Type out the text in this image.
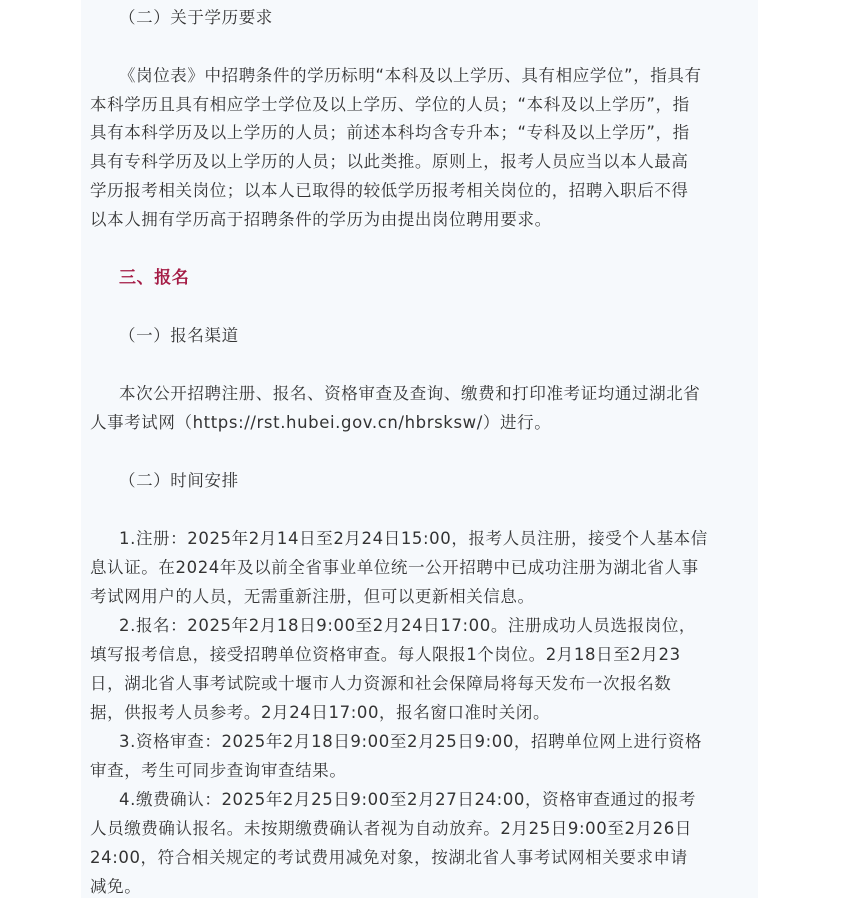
（二）关于学历要求
《岗位表》中招聘条件的学历标明“本科及以上学历、具有相应学位”，指具有
本科学历且具有相应学士学位及以上学历、学位的人员；“本科及以上学历”，指
具有本科学历及以上学历的人员；前述本科均含专升本；“专科及以上学历”，指
具有专科学历及以上学历的人员；以此类推。原则上，报考人员应当以本人最高
学历报考相关岗位；以本人已取得的较低学历报考相关岗位的，招聘入职后不得
以本人拥有学历高于招聘条件的学历为由提出岗位聘用要求。
三、报名
（一）报名渠道
本次公开招聘注册、报名、资格审查及查询、缴费和打印准考证均通过湖北省
人事考试网（https://rst.hubei.gov.cn/hbrsksw/）进行。
（二）时间安排
1.注册：2025年2月14日至2月24日15:00，报考人员注册，接受个人基本信
息认证。在2024年及以前全省事业单位统一公开招聘中已成功注册为湖北省人事
考试网用户的人员，无需重新注册，但可以更新相关信息。
2.报名：2025年2月18日9:00至2月24日17:00。注册成功人员选报岗位，
填写报考信息，接受招聘单位资格审查。每人限报1个岗位。2月18日至2月23
日，湖北省人事考试院或十堰市人力资源和社会保障局将每天发布一次报名数
据，供报考人员参考。2月24日17:00，报名窗口准时关闭。
3.资格审查：2025年2月18日9:00至2月25日9:00，招聘单位网上进行资格
审查，考生可同步查询审查结果。
4.缴费确认：2025年2月25日9:00至2月27日24:00，资格审查通过的报考
人员缴费确认报名。未按期缴费确认者视为自动放弃。2月25日9:00至2月26日
24:00，符合相关规定的考试费用减免对象，按湖北省人事考试网相关要求申请
减免。
